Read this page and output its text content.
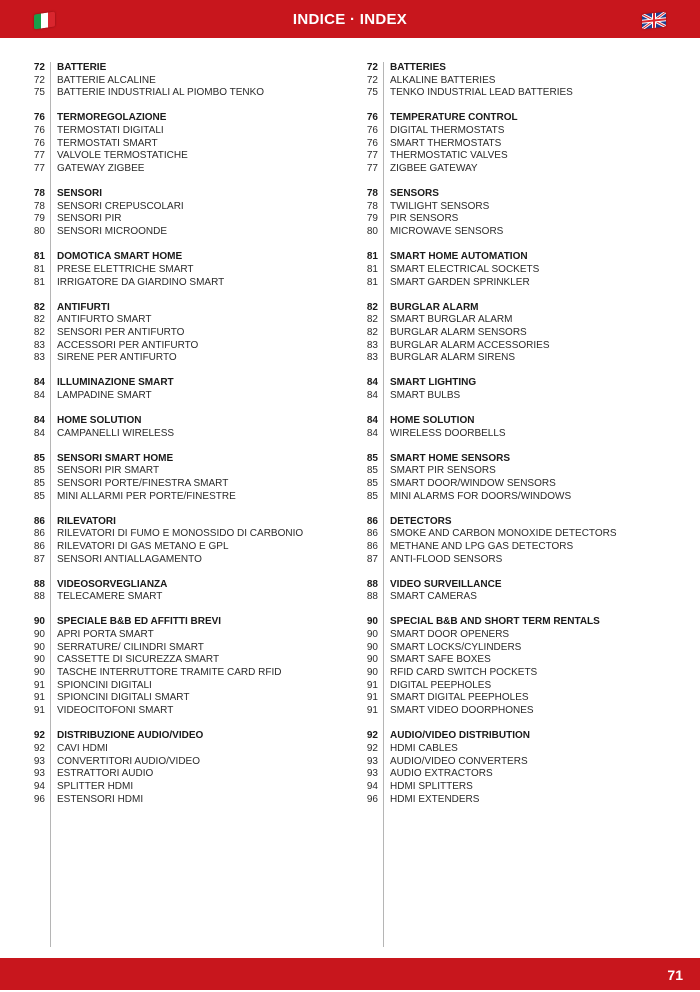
INDICE · INDEX
72	BATTERIE
72	BATTERIE ALCALINE
75	BATTERIE INDUSTRIALI AL PIOMBO TENKO
76	TERMOREGOLAZIONE
76	TERMOSTATI DIGITALI
76	TERMOSTATI SMART
77	VALVOLE TERMOSTATICHE
77	GATEWAY ZIGBEE
78	SENSORI
78	SENSORI CREPUSCOLARI
79	SENSORI PIR
80	SENSORI MICROONDE
81	DOMOTICA SMART HOME
81	PRESE ELETTRICHE SMART
81	IRRIGATORE DA GIARDINO SMART
82	ANTIFURTI
82	ANTIFURTO SMART
82	SENSORI PER ANTIFURTO
83	ACCESSORI PER ANTIFURTO
83	SIRENE PER ANTIFURTO
84	ILLUMINAZIONE SMART
84	LAMPADINE SMART
84	HOME SOLUTION
84	CAMPANELLI WIRELESS
85	SENSORI SMART HOME
85	SENSORI PIR SMART
85	SENSORI PORTE/FINESTRA SMART
85	MINI ALLARMI PER PORTE/FINESTRE
86	RILEVATORI
86	RILEVATORI DI FUMO E MONOSSIDO DI CARBONIO
86	RILEVATORI DI GAS METANO E GPL
87	SENSORI ANTIALLAGAMENTO
88	VIDEOSORVEGLIANZA
88	TELECAMERE SMART
90	SPECIALE B&B ED AFFITTI BREVI
90	APRI PORTA SMART
90	SERRATURE/ CILINDRI SMART
90	CASSETTE DI SICUREZZA SMART
90	TASCHE INTERRUTTORE TRAMITE CARD RFID
91	SPIONCINI DIGITALI
91	SPIONCINI DIGITALI SMART
91	VIDEOCITOFONI SMART
92	DISTRIBUZIONE AUDIO/VIDEO
92	CAVI HDMI
93	CONVERTITORI AUDIO/VIDEO
93	ESTRATTORI AUDIO
94	SPLITTER HDMI
96	ESTENSORI HDMI
72	BATTERIES
72	ALKALINE BATTERIES
75	TENKO INDUSTRIAL LEAD BATTERIES
76	TEMPERATURE CONTROL
76	DIGITAL THERMOSTATS
76	SMART THERMOSTATS
77	THERMOSTATIC VALVES
77	ZIGBEE GATEWAY
78	SENSORS
78	TWILIGHT SENSORS
79	PIR SENSORS
80	MICROWAVE SENSORS
81	SMART HOME AUTOMATION
81	SMART ELECTRICAL SOCKETS
81	SMART GARDEN SPRINKLER
82	BURGLAR ALARM
82	SMART BURGLAR ALARM
82	BURGLAR ALARM SENSORS
83	BURGLAR ALARM ACCESSORIES
83	BURGLAR ALARM SIRENS
84	SMART LIGHTING
84	SMART BULBS
84	HOME SOLUTION
84	WIRELESS DOORBELLS
85	SMART HOME SENSORS
85	SMART PIR SENSORS
85	SMART DOOR/WINDOW SENSORS
85	MINI ALARMS FOR DOORS/WINDOWS
86	DETECTORS
86	SMOKE AND CARBON MONOXIDE DETECTORS
86	METHANE AND LPG GAS DETECTORS
87	ANTI-FLOOD SENSORS
88	VIDEO SURVEILLANCE
88	SMART CAMERAS
90	SPECIAL B&B AND SHORT TERM RENTALS
90	SMART DOOR OPENERS
90	SMART LOCKS/CYLINDERS
90	SMART SAFE BOXES
90	RFID CARD SWITCH POCKETS
91	DIGITAL PEEPHOLES
91	SMART DIGITAL PEEPHOLES
91	SMART VIDEO DOORPHONES
92	AUDIO/VIDEO DISTRIBUTION
92	HDMI CABLES
93	AUDIO/VIDEO CONVERTERS
93	AUDIO EXTRACTORS
94	HDMI SPLITTERS
96	HDMI EXTENDERS
71
